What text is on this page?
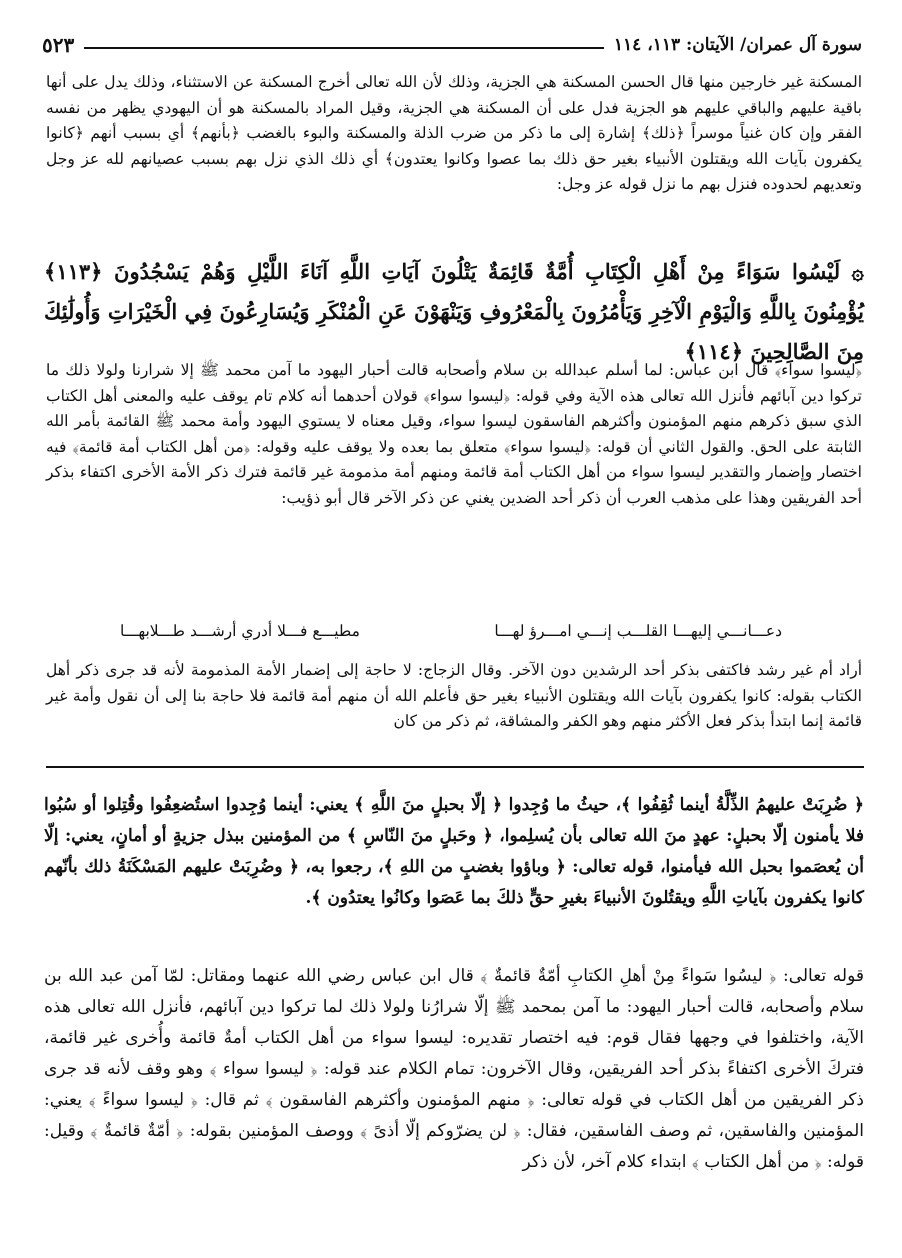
سورة آل عمران/ الآيتان: ١١٣، ١١٤
٥٢٣
المسكنة غير خارجين منها قال الحسن المسكنة هي الجزية، وذلك لأن الله تعالى أخرج المسكنة عن الاستثناء، وذلك يدل على أنها باقية عليهم والباقي عليهم هو الجزية فدل على أن المسكنة هي الجزية، وقيل المراد بالمسكنة هو أن اليهودي يظهر من نفسه الفقر وإن كان غنياً موسراً ﴿ذلك﴾ إشارة إلى ما ذكر من ضرب الذلة والمسكنة والبوء بالغضب ﴿بأنهم﴾ أي بسبب أنهم ﴿كانوا يكفرون بآيات الله ويقتلون الأنبياء بغير حق ذلك بما عصوا وكانوا يعتدون﴾ أي ذلك الذي نزل بهم بسبب عصيانهم لله عز وجل وتعديهم لحدوده فنزل بهم ما نزل قوله عز وجل:
۞ لَيْسُوا سَوَاءً مِنْ أَهْلِ الْكِتَابِ أُمَّةٌ قَائِمَةٌ يَتْلُونَ آيَاتِ اللَّهِ آنَاءَ اللَّيْلِ وَهُمْ يَسْجُدُونَ ﴿١١٣﴾ يُؤْمِنُونَ بِاللَّهِ وَالْيَوْمِ الْآخِرِ وَيَأْمُرُونَ بِالْمَعْرُوفِ وَيَنْهَوْنَ عَنِ الْمُنْكَرِ وَيُسَارِعُونَ فِي الْخَيْرَاتِ وَأُولَٰئِكَ مِنَ الصَّالِحِينَ ﴿١١٤﴾
﴿ليسوا سواء﴾ قال ابن عباس: لما أسلم عبدالله بن سلام وأصحابه قالت أحبار اليهود ما آمن محمد ﷺ إلا شرارنا ولولا ذلك ما تركوا دين آبائهم فأنزل الله تعالى هذه الآية وفي قوله: ﴿ليسوا سواء﴾ قولان أحدهما أنه كلام تام يوقف عليه والمعنى أهل الكتاب الذي سبق ذكرهم منهم المؤمنون وأكثرهم الفاسقون ليسوا سواء، وقيل معناه لا يستوي اليهود وأمة محمد ﷺ القائمة بأمر الله الثابتة على الحق. والقول الثاني أن قوله: ﴿ليسوا سواء﴾ متعلق بما بعده ولا يوقف عليه وقوله: ﴿من أهل الكتاب أمة قائمة﴾ فيه اختصار وإضمار والتقدير ليسوا سواء من أهل الكتاب أمة قائمة ومنهم أمة مذمومة غير قائمة فترك ذكر الأمة الأخرى اكتفاء بذكر أحد الفريقين وهذا على مذهب العرب أن ذكر أحد الضدين يغني عن ذكر الآخر قال أبو ذؤيب:
دعـــانـــي إليهـــا القلـــب إنـــي امـــرؤ لهـــا
مطيـــع فـــلا أدري أرشـــد طـــلابهـــا
أراد أم غير رشد فاكتفى بذكر أحد الرشدين دون الآخر. وقال الزجاج: لا حاجة إلى إضمار الأمة المذمومة لأنه قد جرى ذكر أهل الكتاب بقوله: كانوا يكفرون بآيات الله ويقتلون الأنبياء بغير حق فأعلم الله أن منهم أمة قائمة فلا حاجة بنا إلى أن نقول وأمة غير قائمة إنما ابتدأ بذكر فعل الأكثر منهم وهو الكفر والمشاقة، ثم ذكر من كان
﴿ ضُرِبَتْ عليهمُ الذِّلَّةُ أينما ثُقِفُوا ﴾، حيثُ ما وُجِدوا ﴿ إلّا بحبلٍ منَ اللَّهِ ﴾ يعني: أينما وُجِدوا استُضعِفُوا وقُتِلوا أو سُبُوا فلا يأمنون إلّا بحبلٍ: عهدٍ منَ الله تعالى بأن يُسلِموا، ﴿ وحَبلٍ منَ النّاسِ ﴾ من المؤمنين ببذل جزيةٍ أو أمانٍ، يعني: إلّا أن يُعصَموا بحبل الله فيأمنوا، قوله تعالى: ﴿ وباؤوا بغضبٍ من اللهِ ﴾، رجعوا به، ﴿ وضُرِبَتْ عليهم المَسْكَنَةُ ذلك بأنّهم كانوا يكفرون بآياتِ اللَّهِ ويقتُلونَ الأنبياءَ بغيرِ حقٍّ ذلكَ بما عَصَوا وكانُوا يعتدُون ﴾.
قوله تعالى: ﴿ ليسُوا سَواءً مِنْ أهلِ الكتابِ أمّةٌ قائمةٌ ﴾ قال ابن عباس رضي الله عنهما ومقاتل: لمّا آمن عبد الله بن سلام وأصحابه، قالت أحبار اليهود: ما آمن بمحمد ﷺ إلّا شرارُنا ولولا ذلك لما تركوا دين آبائهم، فأنزل الله تعالى هذه الآية، واختلفوا في وجهها فقال قوم: فيه اختصار تقديره: ليسوا سواء من أهل الكتاب أمةٌ قائمة وأُخرى غير قائمة، فتركَ الأخرى اكتفاءً بذكر أحد الفريقين، وقال الآخرون: تمام الكلام عند قوله: ﴿ ليسوا سواء ﴾ وهو وقف لأنه قد جرى ذكر الفريقين من أهل الكتاب في قوله تعالى: ﴿ منهم المؤمنون وأكثرهم الفاسقون ﴾ ثم قال: ﴿ ليسوا سواءً ﴾ يعني: المؤمنين والفاسقين، ثم وصف الفاسقين، فقال: ﴿ لن يضرّوكم إلّا أذىً ﴾ ووصف المؤمنين بقوله: ﴿ أمّةٌ قائمةٌ ﴾ وقيل: قوله: ﴿ من أهل الكتاب ﴾ ابتداء كلام آخر، لأن ذكر
